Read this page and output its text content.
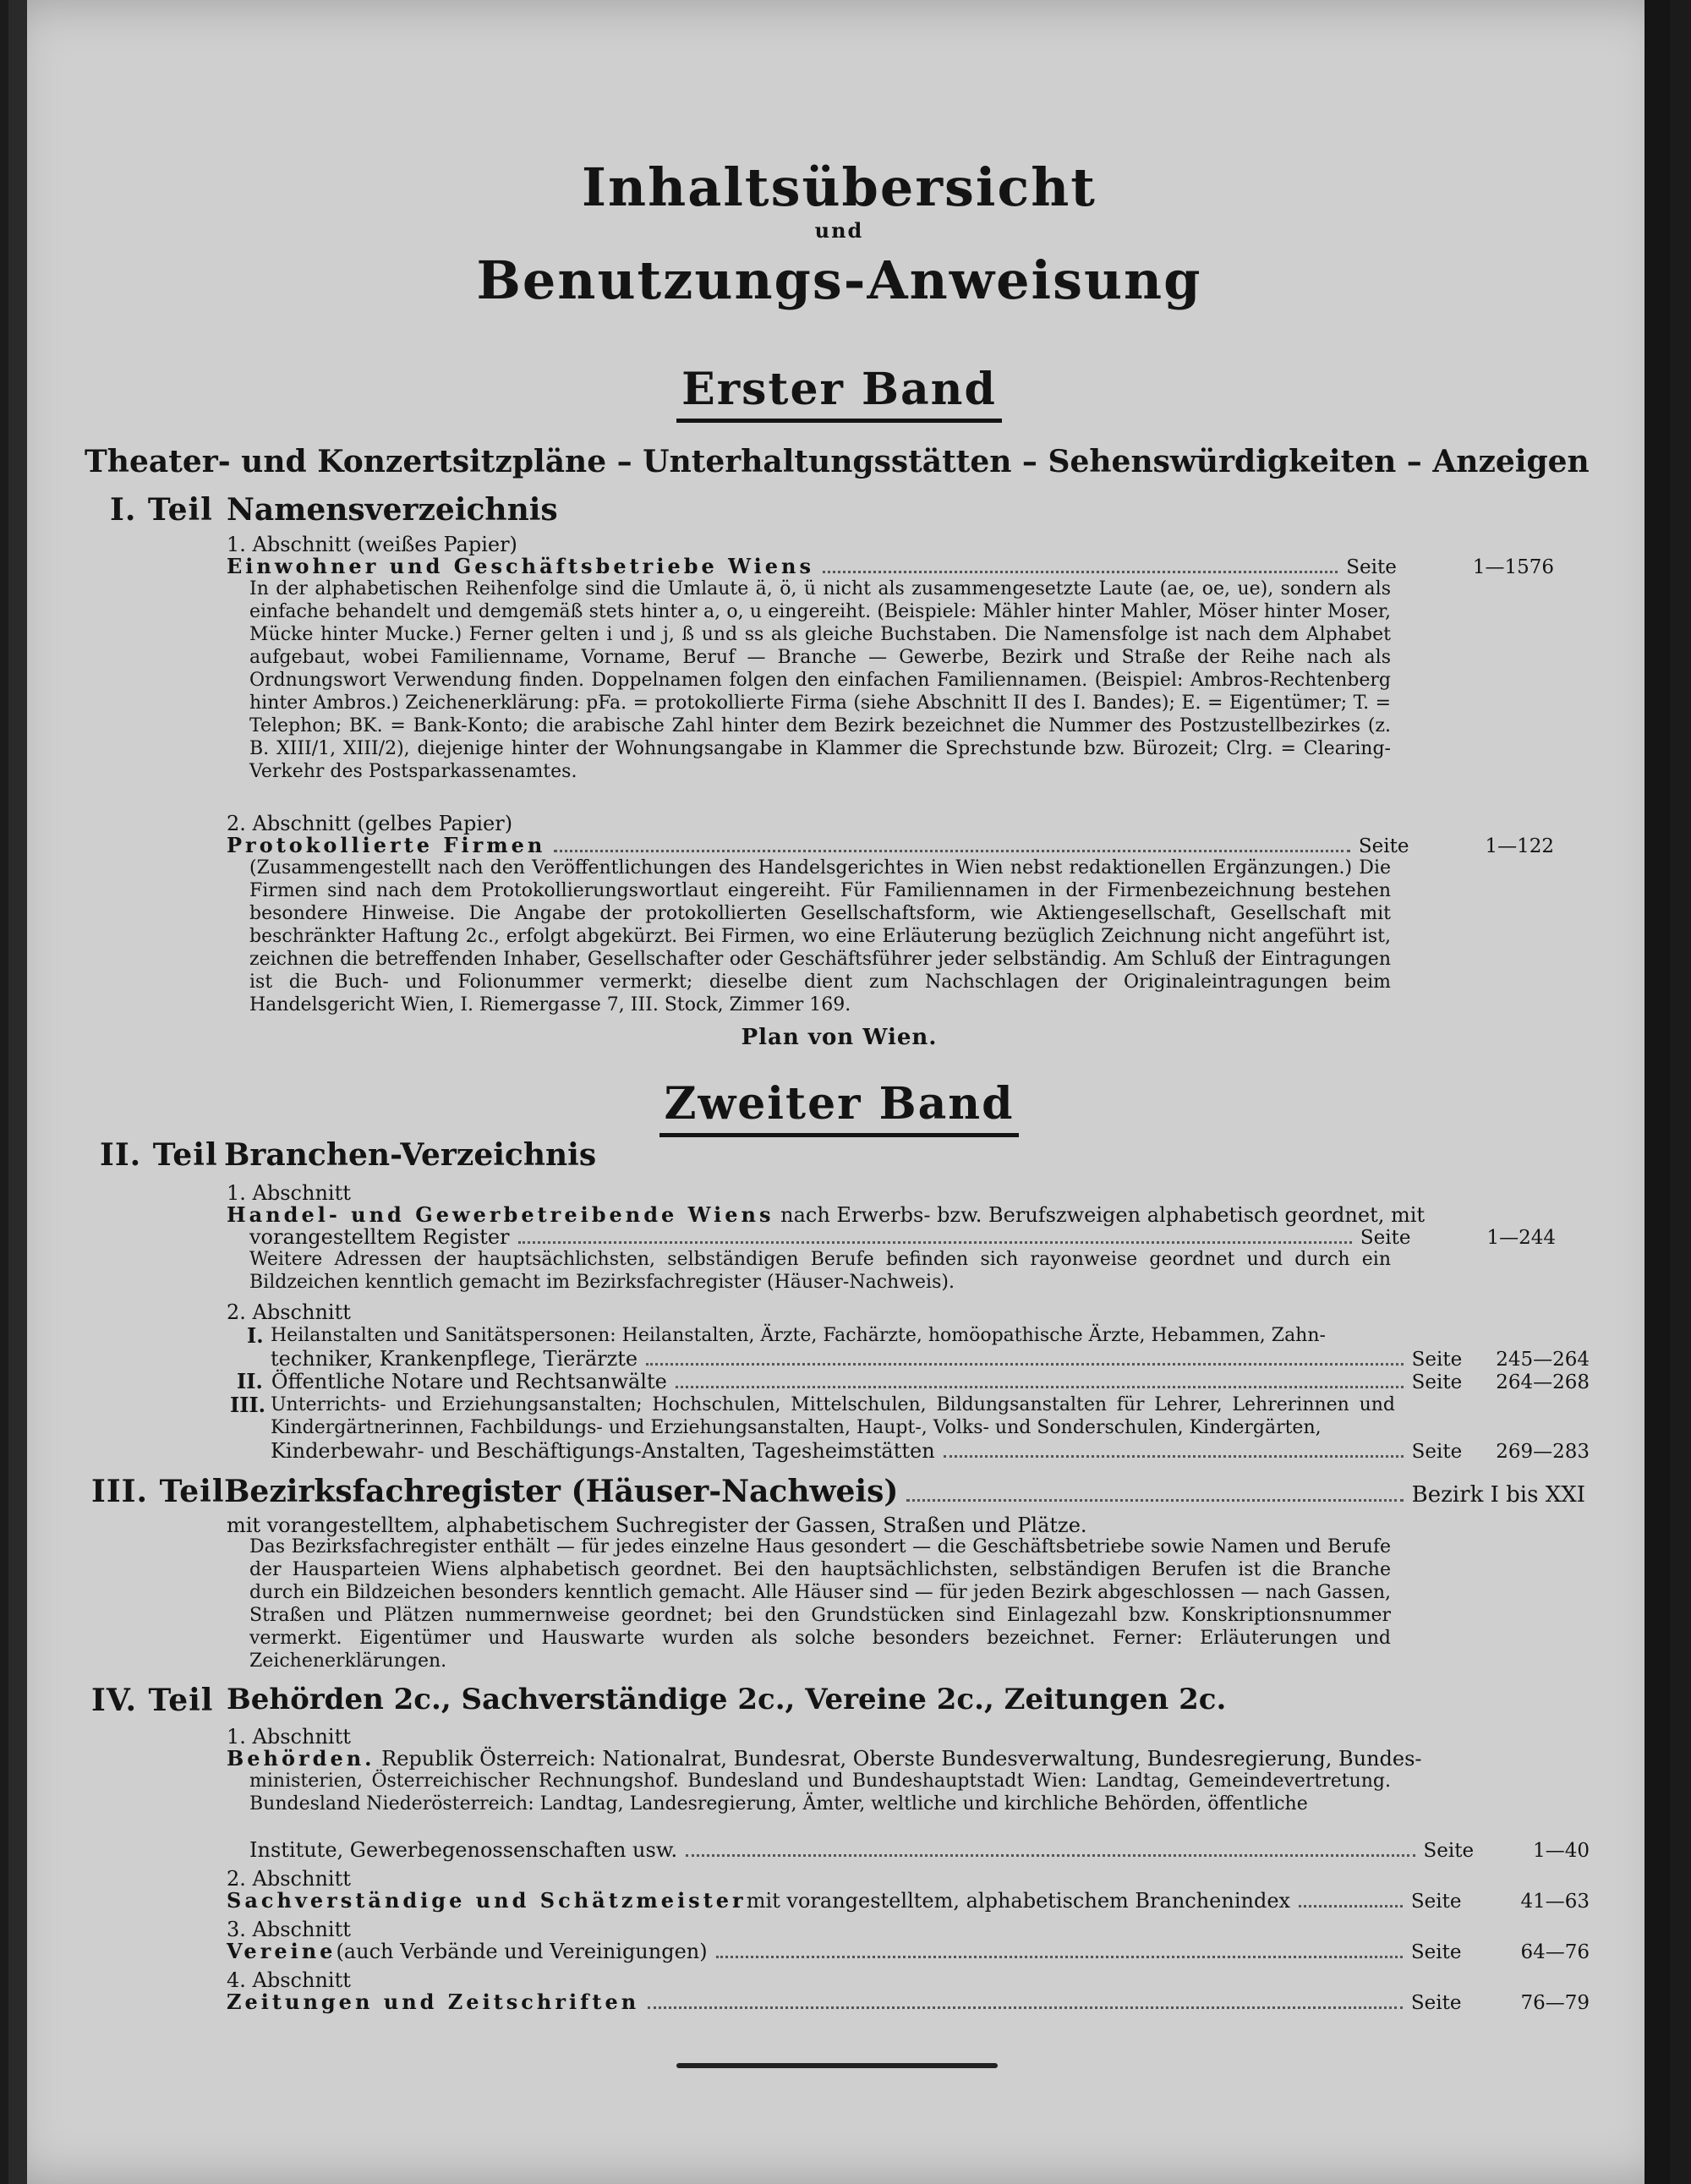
Inhaltsübersicht
und
Benutzungs-Anweisung
Erster Band
Theater- und Konzertsitzpläne – Unterhaltungsstätten – Sehenswürdigkeiten – Anzeigen
I. Teil Namensverzeichnis
1. Abschnitt (weißes Papier)
Einwohner und Geschäftsbetriebe Wiens	Seite	1—1576
In der alphabetischen Reihenfolge sind die Umlaute ä, ö, ü nicht als zusammengesetzte Laute (ae, oe, ue), sondern als einfache behandelt und demgemäß stets hinter a, o, u eingereiht. (Beispiele: Mähler hinter Mahler, Möser hinter Moser, Mücke hinter Mucke.) Ferner gelten i und j, ß und ss als gleiche Buchstaben. Die Namensfolge ist nach dem Alphabet aufgebaut, wobei Familienname, Vorname, Beruf — Branche — Gewerbe, Bezirk und Straße der Reihe nach als Ordnungswort Verwendung finden. Doppelnamen folgen den einfachen Familiennamen. (Beispiel: Ambros-Rechtenberg hinter Ambros.) Zeichenerklärung: pFa. = protokollierte Firma (siehe Abschnitt II des I. Bandes); E. = Eigentümer; T. = Telephon; BK. = Bank-Konto; die arabische Zahl hinter dem Bezirk bezeichnet die Nummer des Postzustellbezirkes (z. B. XIII/1, XIII/2), diejenige hinter der Wohnungsangabe in Klammer die Sprechstunde bzw. Bürozeit; Clrg. = Clearing-Verkehr des Postsparkassenamtes.
2. Abschnitt (gelbes Papier)
Protokollierte Firmen	Seite	1—122
(Zusammengestellt nach den Veröffentlichungen des Handelsgerichtes in Wien nebst redaktionellen Ergänzungen.) Die Firmen sind nach dem Protokollierungswortlaut eingereiht. Für Familiennamen in der Firmenbezeichnung bestehen besondere Hinweise. Die Angabe der protokollierten Gesellschaftsform, wie Aktiengesellschaft, Gesellschaft mit beschränkter Haftung 2c., erfolgt abgekürzt. Bei Firmen, wo eine Erläuterung bezüglich Zeichnung nicht angeführt ist, zeichnen die betreffenden Inhaber, Gesellschafter oder Geschäftsführer jeder selbständig. Am Schluß der Eintragungen ist die Buch- und Folionummer vermerkt; dieselbe dient zum Nachschlagen der Originaleintragungen beim Handelsgericht Wien, I. Riemergasse 7, III. Stock, Zimmer 169.
Plan von Wien.
Zweiter Band
II. Teil Branchen-Verzeichnis
1. Abschnitt
Handel- und Gewerbetreibende Wiens nach Erwerbs- bzw. Berufszweigen alphabetisch geordnet, mit
vorangestelltem Register	Seite	1—244
Weitere Adressen der hauptsächlichsten, selbständigen Berufe befinden sich rayonweise geordnet und durch ein Bildzeichen kenntlich gemacht im Bezirksfachregister (Häuser-Nachweis).
2. Abschnitt
I. Heilanstalten und Sanitätspersonen: Heilanstalten, Ärzte, Fachärzte, homöopathische Ärzte, Hebammen, Zahn-
techniker, Krankenpflege, Tierärzte	Seite 245—264
II. Öffentliche Notare und Rechtsanwälte	Seite 264—268
III. Unterrichts- und Erziehungsanstalten; Hochschulen, Mittelschulen, Bildungsanstalten für Lehrer, Lehrerinnen und Kindergärtnerinnen, Fachbildungs- und Erziehungsanstalten, Haupt-, Volks- und Sonderschulen, Kindergärten,
Kinderbewahr- und Beschäftigungs-Anstalten, Tagesheimstätten	Seite 269—283
III. Teil Bezirksfachregister (Häuser-Nachweis)	Bezirk I bis XXI
mit vorangestelltem, alphabetischem Suchregister der Gassen, Straßen und Plätze.
Das Bezirksfachregister enthält — für jedes einzelne Haus gesondert — die Geschäftsbetriebe sowie Namen und Berufe der Hausparteien Wiens alphabetisch geordnet. Bei den hauptsächlichsten, selbständigen Berufen ist die Branche durch ein Bildzeichen besonders kenntlich gemacht. Alle Häuser sind — für jeden Bezirk abgeschlossen — nach Gassen, Straßen und Plätzen nummernweise geordnet; bei den Grundstücken sind Einlagezahl bzw. Konskriptionsnummer vermerkt. Eigentümer und Hauswarte wurden als solche besonders bezeichnet. Ferner: Erläuterungen und Zeichenerklärungen.
IV. Teil Behörden 2c., Sachverständige 2c., Vereine 2c., Zeitungen 2c.
1. Abschnitt
Behörden. Republik Österreich: Nationalrat, Bundesrat, Oberste Bundesverwaltung, Bundesregierung, Bundes-
ministerien, Österreichischer Rechnungshof. Bundesland und Bundeshauptstadt Wien: Landtag, Gemeindevertretung. Bundesland Niederösterreich: Landtag, Landesregierung, Ämter, weltliche und kirchliche Behörden, öffentliche
Institute, Gewerbegenossenschaften usw.	Seite	1—40
2. Abschnitt
Sachverständige und Schätzmeister mit vorangestelltem, alphabetischem Branchenindex	Seite	41—63
3. Abschnitt
Vereine (auch Verbände und Vereinigungen)	Seite	64—76
4. Abschnitt
Zeitungen und Zeitschriften	Seite	76—79
